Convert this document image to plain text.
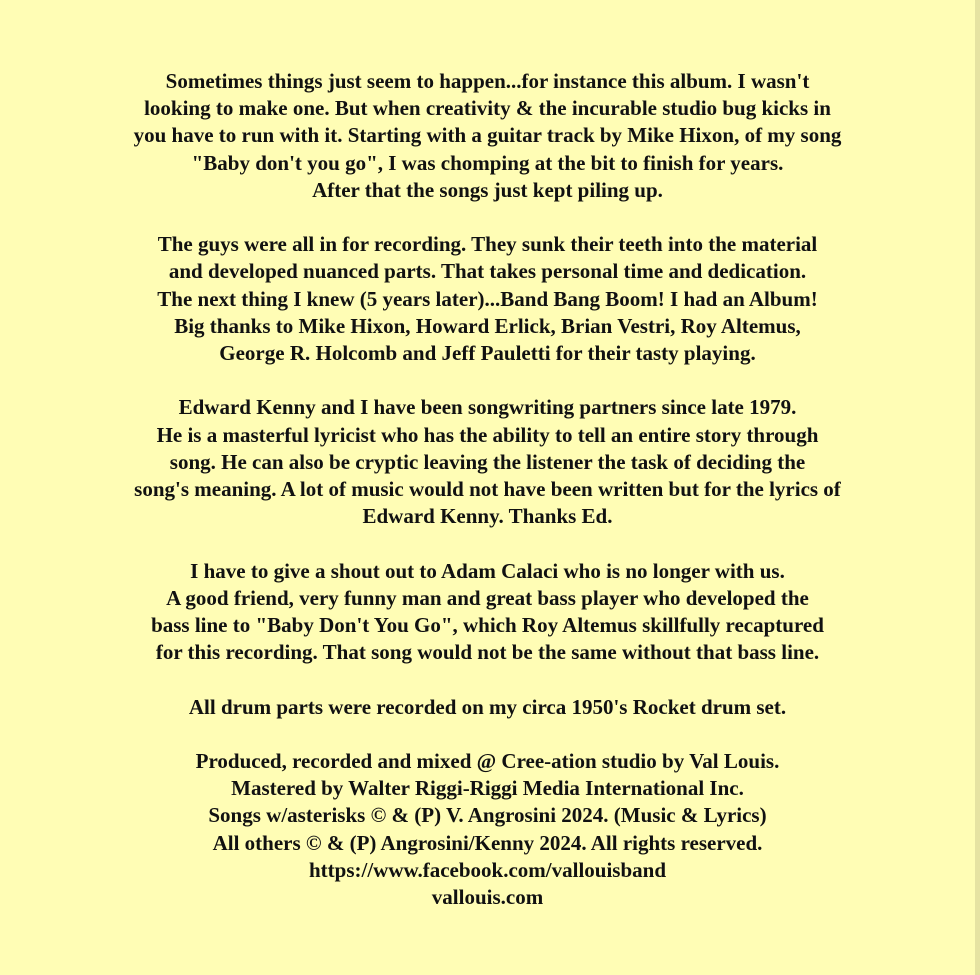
Sometimes things just seem to happen...for instance this album. I wasn't
looking to make one. But when creativity & the incurable studio bug kicks in
you have to run with it. Starting with a guitar track by Mike Hixon, of my song
"Baby don't you go", I was chomping at the bit to finish for years.
After that the songs just kept piling up.

The guys were all in for recording. They sunk their teeth into the material
and developed nuanced parts. That takes personal time and dedication.
The next thing I knew (5 years later)...Band Bang Boom! I had an Album!
Big thanks to Mike Hixon, Howard Erlick, Brian Vestri, Roy Altemus,
George R. Holcomb and Jeff Pauletti for their tasty playing.

Edward Kenny and I have been songwriting partners since late 1979.
He is a masterful lyricist who has the ability to tell an entire story through
song. He can also be cryptic leaving the listener the task of deciding the
song's meaning. A lot of music would not have been written but for the lyrics of
Edward Kenny. Thanks Ed.

I have to give a shout out to Adam Calaci who is no longer with us.
A good friend, very funny man and great bass player who developed the
bass line to "Baby Don't You Go", which Roy Altemus skillfully recaptured
for this recording. That song would not be the same without that bass line.

All drum parts were recorded on my circa 1950's Rocket drum set.

Produced, recorded and mixed @ Cree-ation studio by Val Louis.
Mastered by Walter Riggi-Riggi Media International Inc.
Songs w/asterisks © & (P) V. Angrosini 2024. (Music & Lyrics)
All others © & (P) Angrosini/Kenny 2024. All rights reserved.
https://www.facebook.com/vallouisband
vallouis.com
